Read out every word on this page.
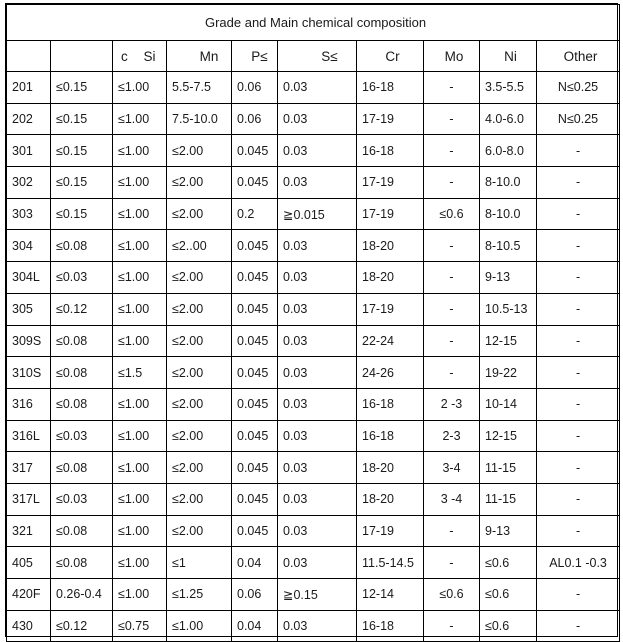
Grade and Main chemical composition									
	c	Si	Mn	P≤	S≤	Cr	Mo	Ni	Other
201	≤0.15	≤1.00	5.5-7.5	0.06	0.03	16-18	-	3.5-5.5	N≤0.25
202	≤0.15	≤1.00	7.5-10.0	0.06	0.03	17-19	-	4.0-6.0	N≤0.25
301	≤0.15	≤1.00	≤2.00	0.045	0.03	16-18	-	6.0-8.0	-
302	≤0.15	≤1.00	≤2.00	0.045	0.03	17-19	-	8-10.0	-
303	≤0.15	≤1.00	≤2.00	0.2	≧0.015	17-19	≤0.6	8-10.0	-
304	≤0.08	≤1.00	≤2..00	0.045	0.03	18-20	-	8-10.5	-
304L	≤0.03	≤1.00	≤2.00	0.045	0.03	18-20	-	9-13	-
305	≤0.12	≤1.00	≤2.00	0.045	0.03	17-19	-	10.5-13	-
309S	≤0.08	≤1.00	≤2.00	0.045	0.03	22-24	-	12-15	-
310S	≤0.08	≤1.5	≤2.00	0.045	0.03	24-26	-	19-22	-
316	≤0.08	≤1.00	≤2.00	0.045	0.03	16-18	2 -3	10-14	-
316L	≤0.03	≤1.00	≤2.00	0.045	0.03	16-18	2-3	12-15	-
317	≤0.08	≤1.00	≤2.00	0.045	0.03	18-20	3-4	11-15	-
317L	≤0.03	≤1.00	≤2.00	0.045	0.03	18-20	3 -4	11-15	-
321	≤0.08	≤1.00	≤2.00	0.045	0.03	17-19	-	9-13	-
405	≤0.08	≤1.00	≤1	0.04	0.03	11.5-14.5	-	≤0.6	AL0.1 -0.3
420F	0.26-0.4	≤1.00	≤1.25	0.06	≧0.15	12-14	≤0.6	≤0.6	-
430	≤0.12	≤0.75	≤1.00	0.04	0.03	16-18	-	≤0.6	-
